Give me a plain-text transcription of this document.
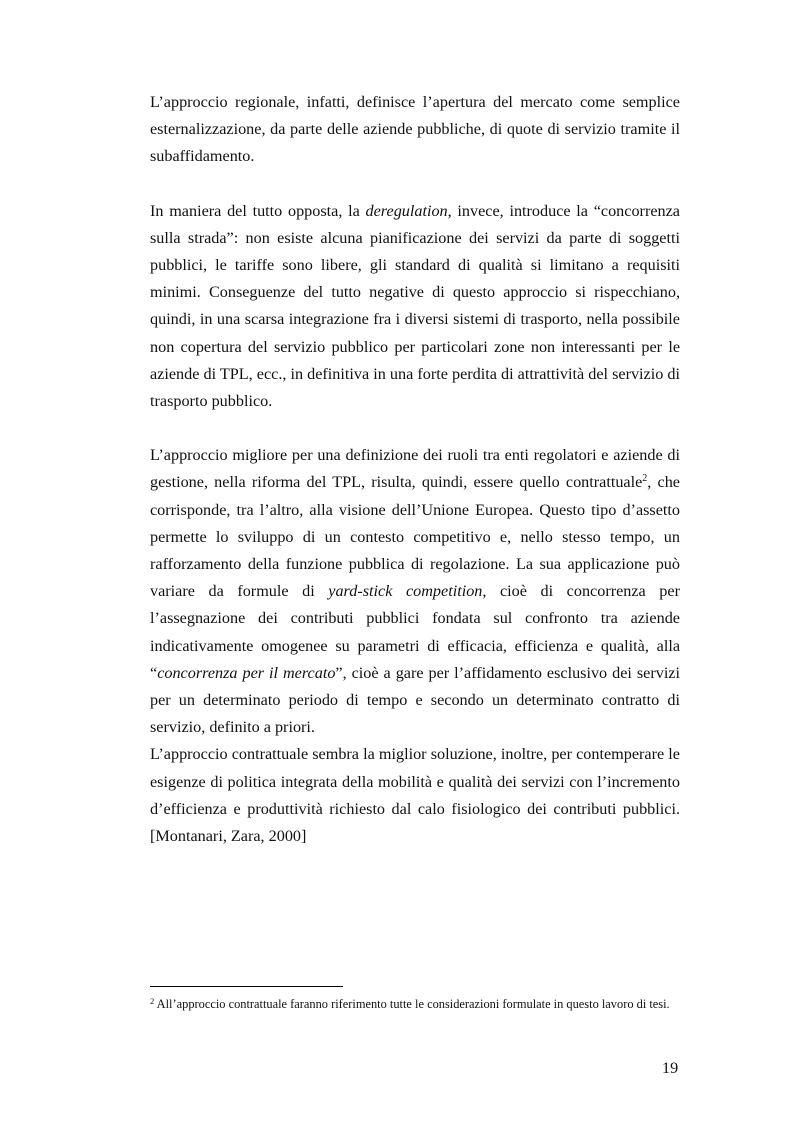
L’approccio regionale, infatti, definisce l’apertura del mercato come semplice esternalizzazione, da parte delle aziende pubbliche, di quote di servizio tramite il subaffidamento.

In maniera del tutto opposta, la deregulation, invece, introduce la “concorrenza sulla strada”: non esiste alcuna pianificazione dei servizi da parte di soggetti pubblici, le tariffe sono libere, gli standard di qualità si limitano a requisiti minimi. Conseguenze del tutto negative di questo approccio si rispecchiano, quindi, in una scarsa integrazione fra i diversi sistemi di trasporto, nella possibile non copertura del servizio pubblico per particolari zone non interessanti per le aziende di TPL, ecc., in definitiva in una forte perdita di attrattività del servizio di trasporto pubblico.

L’approccio migliore per una definizione dei ruoli tra enti regolatori e aziende di gestione, nella riforma del TPL, risulta, quindi, essere quello contrattuale$^2$, che corrisponde, tra l’altro, alla visione dell’Unione Europea. Questo tipo d’assetto permette lo sviluppo di un contesto competitivo e, nello stesso tempo, un rafforzamento della funzione pubblica di regolazione. La sua applicazione può variare da formule di yard-stick competition, cioè di concorrenza per l’assegnazione dei contributi pubblici fondata sul confronto tra aziende indicativamente omogenee su parametri di efficacia, efficienza e qualità, alla “concorrenza per il mercato”, cioè a gare per l’affidamento esclusivo dei servizi per un determinato periodo di tempo e secondo un determinato contratto di servizio, definito a priori.

L’approccio contrattuale sembra la miglior soluzione, inoltre, per contemperare le esigenze di politica integrata della mobilità e qualità dei servizi con l’incremento d’efficienza e produttività richiesto dal calo fisiologico dei contributi pubblici. [Montanari, Zara, 2000]

$^2$ All’approccio contrattuale faranno riferimento tutte le considerazioni formulate in questo lavoro di tesi.
19
